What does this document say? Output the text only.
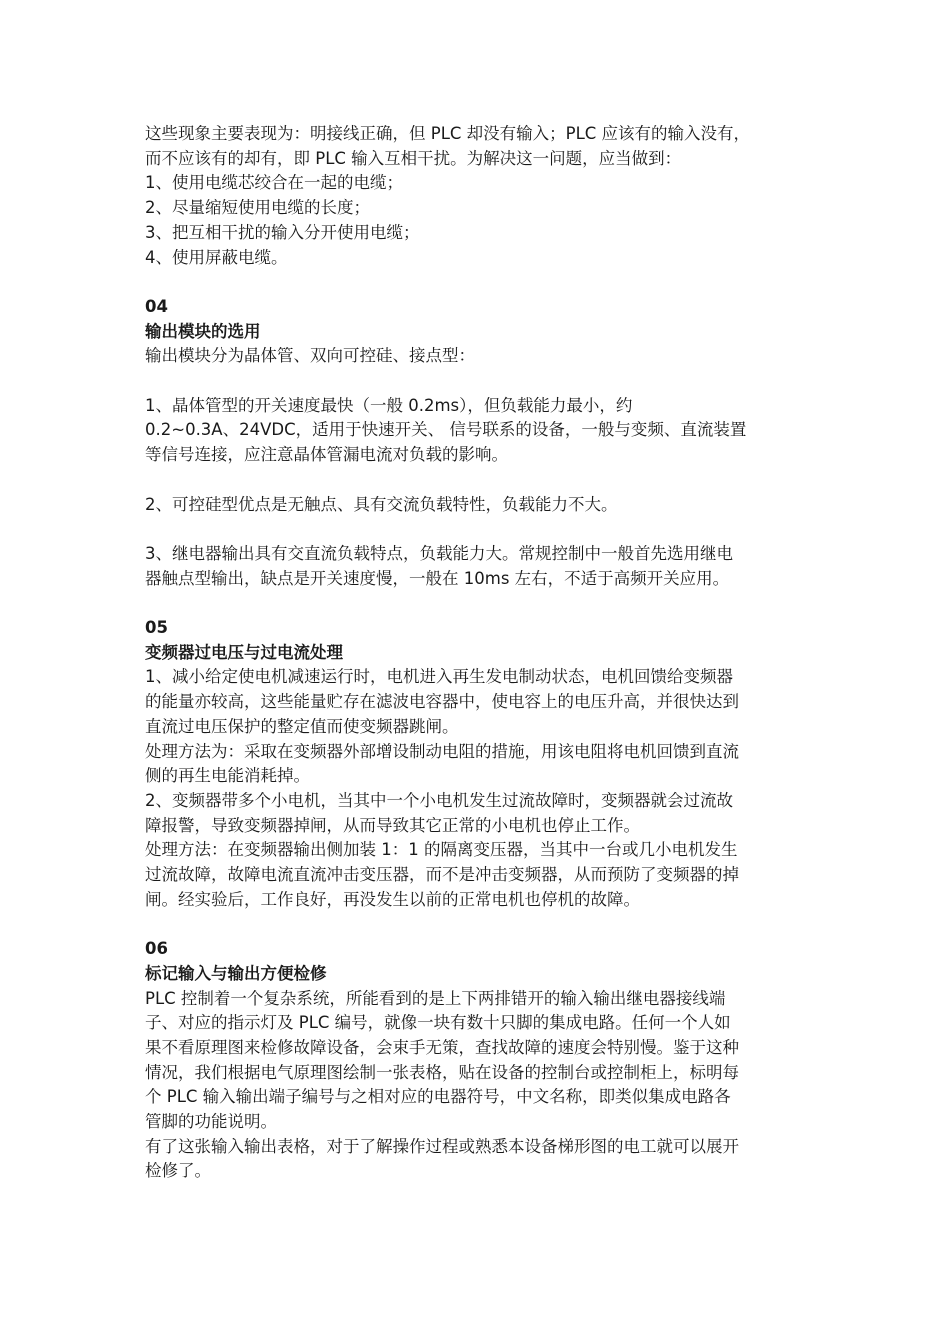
这些现象主要表现为：明接线正确，但 PLC 却没有输入；PLC 应该有的输入没有，
而不应该有的却有，即 PLC 输入互相干扰。为解决这一问题，应当做到：
1、使用电缆芯绞合在一起的电缆；
2、尽量缩短使用电缆的长度；
3、把互相干扰的输入分开使用电缆；
4、使用屏蔽电缆。
04
输出模块的选用
输出模块分为晶体管、双向可控硅、接点型：
1、晶体管型的开关速度最快（一般 0.2ms），但负载能力最小，约
0.2~0.3A、24VDC，适用于快速开关、 信号联系的设备，一般与变频、直流装置
等信号连接，应注意晶体管漏电流对负载的影响。
2、可控硅型优点是无触点、具有交流负载特性，负载能力不大。
3、继电器输出具有交直流负载特点，负载能力大。常规控制中一般首先选用继电
器触点型输出，缺点是开关速度慢，一般在 10ms 左右，不适于高频开关应用。
05
变频器过电压与过电流处理
1、减小给定使电机减速运行时，电机进入再生发电制动状态，电机回馈给变频器
的能量亦较高，这些能量贮存在滤波电容器中，使电容上的电压升高，并很快达到
直流过电压保护的整定值而使变频器跳闸。
处理方法为：采取在变频器外部增设制动电阻的措施，用该电阻将电机回馈到直流
侧的再生电能消耗掉。
2、变频器带多个小电机，当其中一个小电机发生过流故障时，变频器就会过流故
障报警，导致变频器掉闸，从而导致其它正常的小电机也停止工作。
处理方法：在变频器输出侧加装 1：1 的隔离变压器，当其中一台或几小电机发生
过流故障，故障电流直流冲击变压器，而不是冲击变频器，从而预防了变频器的掉
闸。经实验后，工作良好，再没发生以前的正常电机也停机的故障。
06
标记输入与输出方便检修
PLC 控制着一个复杂系统，所能看到的是上下两排错开的输入输出继电器接线端
子、对应的指示灯及 PLC 编号，就像一块有数十只脚的集成电路。任何一个人如
果不看原理图来检修故障设备，会束手无策，查找故障的速度会特别慢。鉴于这种
情况，我们根据电气原理图绘制一张表格，贴在设备的控制台或控制柜上，标明每
个 PLC 输入输出端子编号与之相对应的电器符号，中文名称，即类似集成电路各
管脚的功能说明。
有了这张输入输出表格，对于了解操作过程或熟悉本设备梯形图的电工就可以展开
检修了。
